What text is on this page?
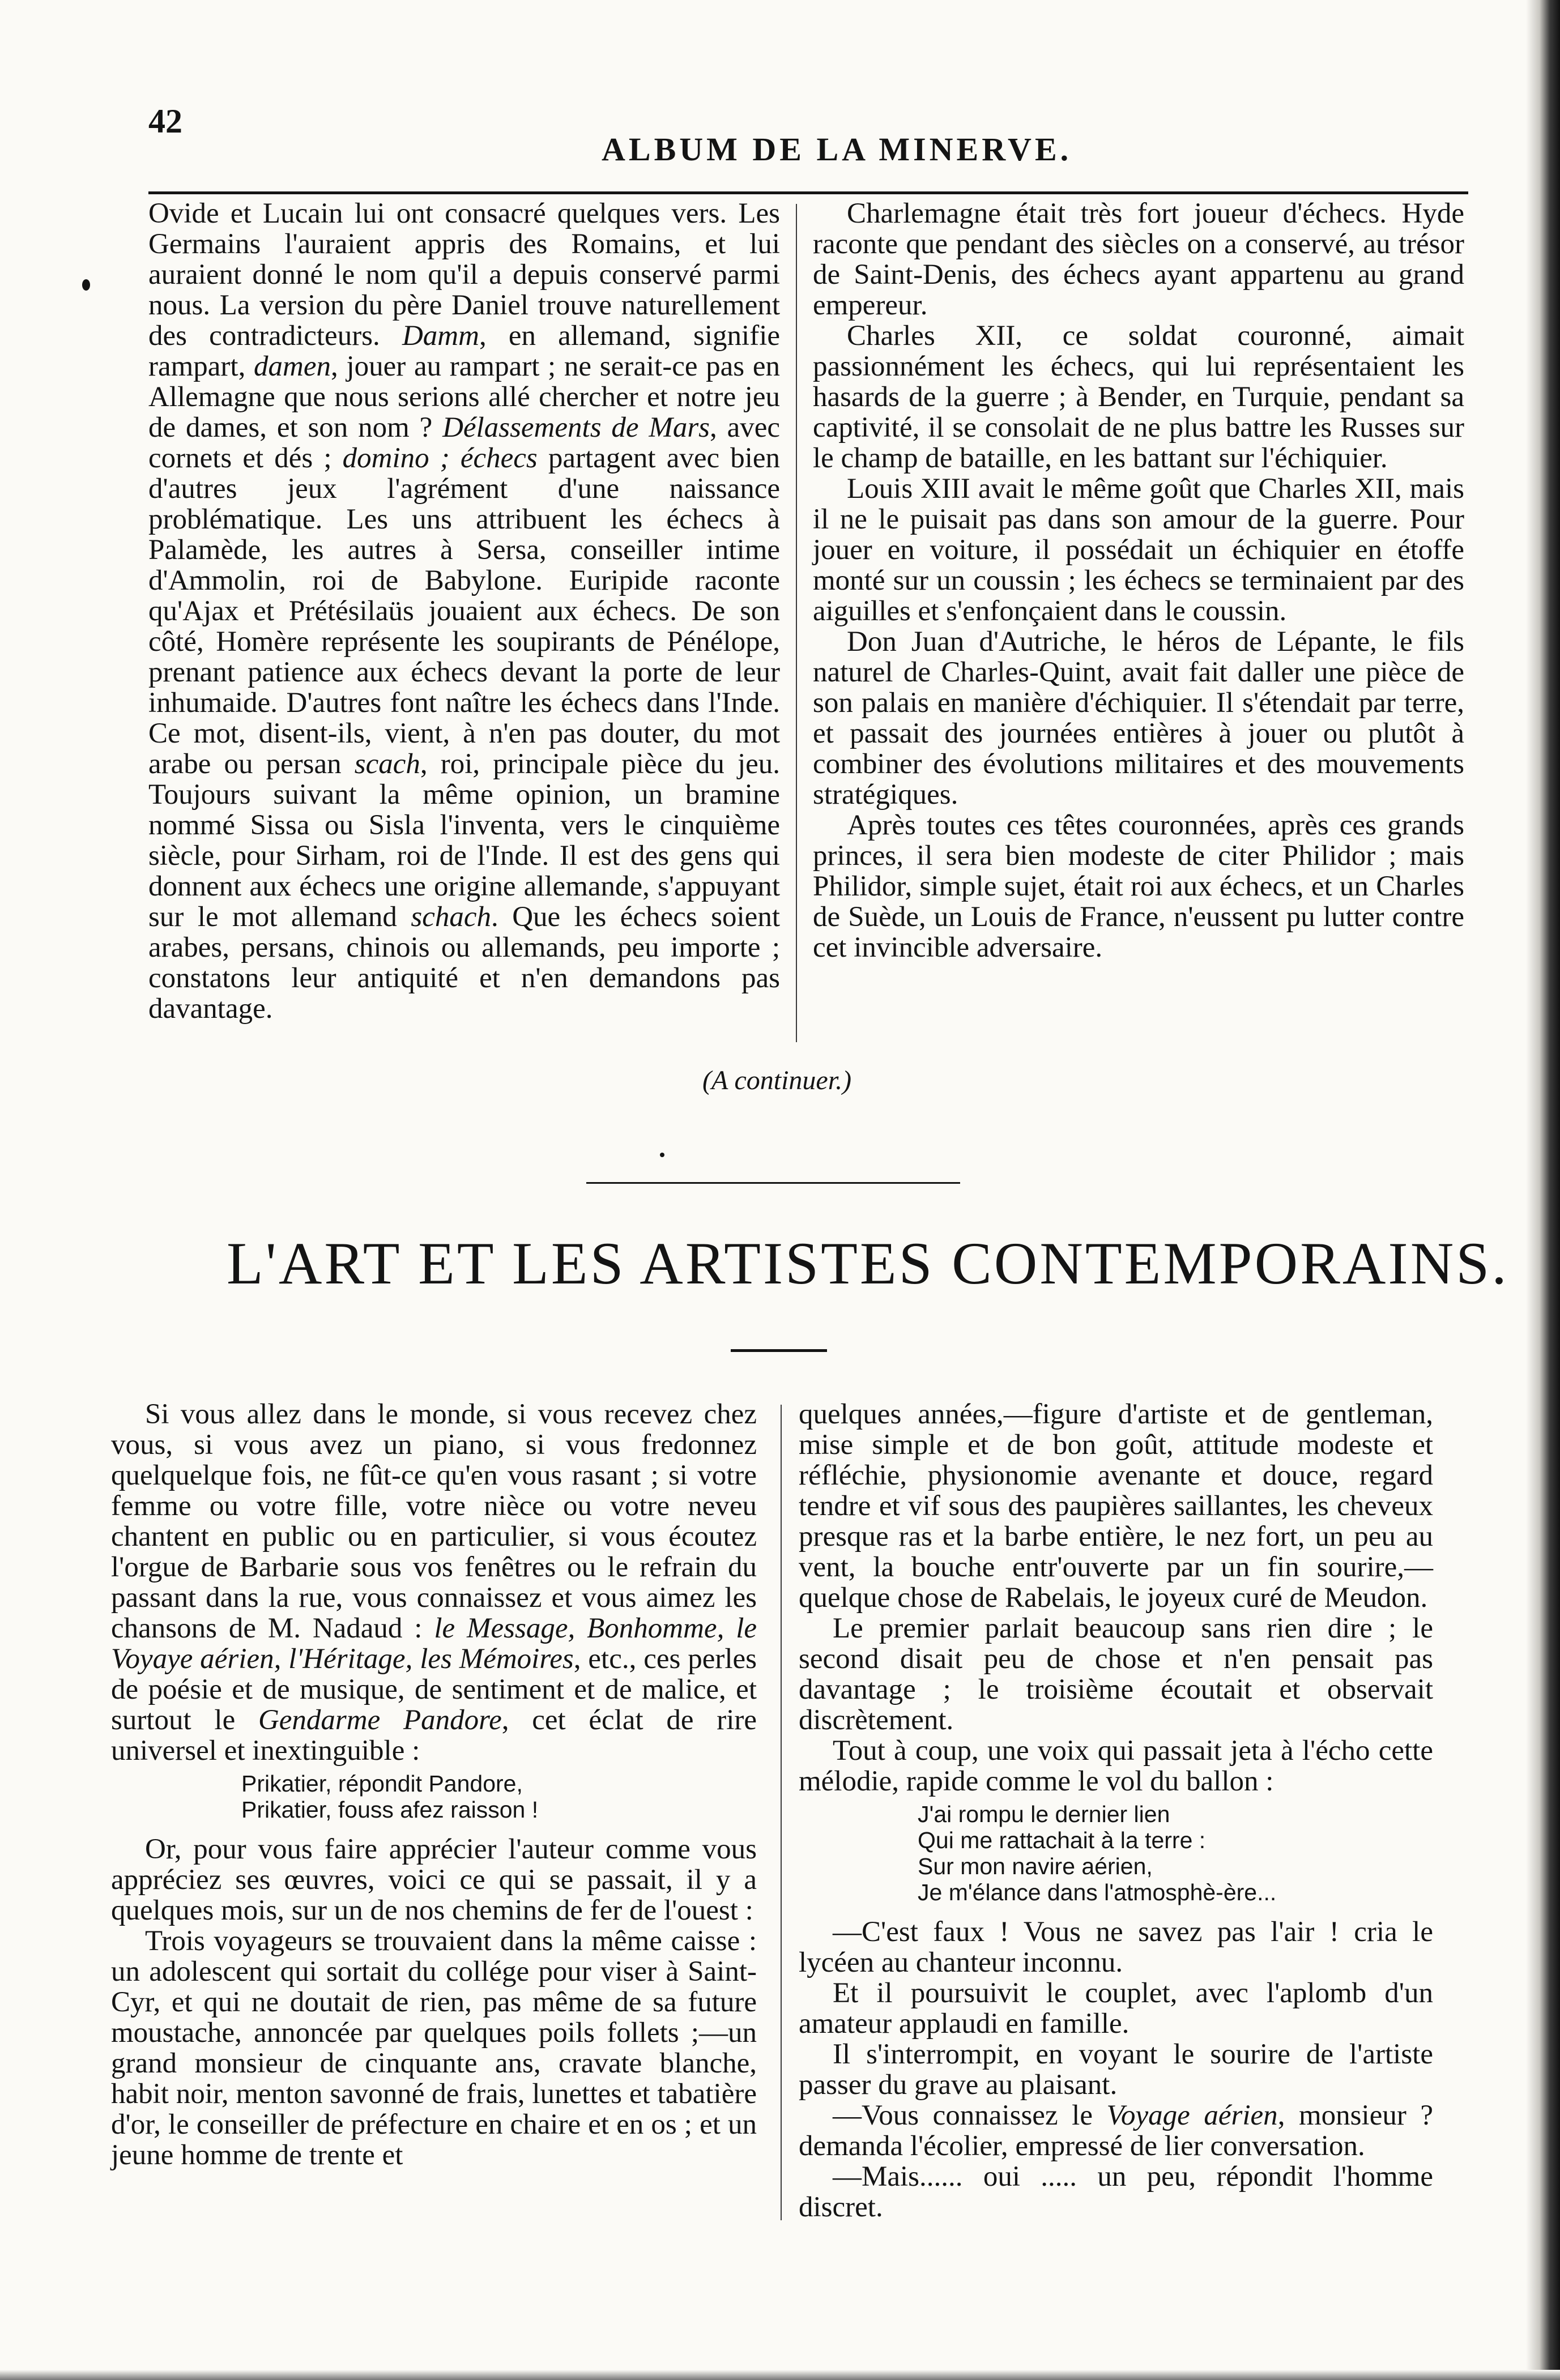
42
ALBUM DE LA MINERVE.

Ovide et Lucain lui ont consacré quelques vers. Les Germains l'auraient appris des Romains, et lui auraient donné le nom qu'il a depuis conservé parmi nous. La version du père Daniel trouve naturellement des contradicteurs. Damm, en allemand, signifie rampart, damen, jouer au rampart ; ne serait-ce pas en Allemagne que nous serions allé chercher et notre jeu de dames, et son nom ? Délassements de Mars, avec cornets et dés ; domino ; échecs partagent avec bien d'autres jeux l'agrément d'une naissance problématique. Les uns attribuent les échecs à Palamède, les autres à Sersa, conseiller intime d'Ammolin, roi de Babylone. Euripide raconte qu'Ajax et Prétésilaüs jouaient aux échecs. De son côté, Homère représente les soupirants de Pénélope, prenant patience aux échecs devant la porte de leur inhumaide. D'autres font naître les échecs dans l'Inde. Ce mot, disent-ils, vient, à n'en pas douter, du mot arabe ou persan scach, roi, principale pièce du jeu. Toujours suivant la même opinion, un bramine nommé Sissa ou Sisla l'inventa, vers le cinquième siècle, pour Sirham, roi de l'Inde. Il est des gens qui donnent aux échecs une origine allemande, s'appuyant sur le mot allemand schach. Que les échecs soient arabes, persans, chinois ou allemands, peu importe ; constatons leur antiquité et n'en demandons pas davantage.

Charlemagne était très fort joueur d'échecs. Hyde raconte que pendant des siècles on a conservé, au trésor de Saint-Denis, des échecs ayant appartenu au grand empereur.

Charles XII, ce soldat couronné, aimait passionnément les échecs, qui lui représentaient les hasards de la guerre ; à Bender, en Turquie, pendant sa captivité, il se consolait de ne plus battre les Russes sur le champ de bataille, en les battant sur l'échiquier.

Louis XIII avait le même goût que Charles XII, mais il ne le puisait pas dans son amour de la guerre. Pour jouer en voiture, il possédait un échiquier en étoffe monté sur un coussin ; les échecs se terminaient par des aiguilles et s'enfonçaient dans le coussin.

Don Juan d'Autriche, le héros de Lépante, le fils naturel de Charles-Quint, avait fait daller une pièce de son palais en manière d'échiquier. Il s'étendait par terre, et passait des journées entières à jouer ou plutôt à combiner des évolutions militaires et des mouvements stratégiques.

Après toutes ces têtes couronnées, après ces grands princes, il sera bien modeste de citer Philidor ; mais Philidor, simple sujet, était roi aux échecs, et un Charles de Suède, un Louis de France, n'eussent pu lutter contre cet invincible adversaire.

(A continuer.)
L'ART ET LES ARTISTES CONTEMPORAINS.

Si vous allez dans le monde, si vous recevez chez vous, si vous avez un piano, si vous fredonnez quelquelque fois, ne fût-ce qu'en vous rasant ; si votre femme ou votre fille, votre nièce ou votre neveu chantent en public ou en particulier, si vous écoutez l'orgue de Barbarie sous vos fenêtres ou le refrain du passant dans la rue, vous connaissez et vous aimez les chansons de M. Nadaud : le Message, Bonhomme, le Voyaye aérien, l'Héritage, les Mémoires, etc., ces perles de poésie et de musique, de sentiment et de malice, et surtout le Gendarme Pandore, cet éclat de rire universel et inextinguible :

Prikatier, répondit Pandore,
Prikatier, fouss afez raisson !

Or, pour vous faire apprécier l'auteur comme vous appréciez ses œuvres, voici ce qui se passait, il y a quelques mois, sur un de nos chemins de fer de l'ouest :

Trois voyageurs se trouvaient dans la même caisse : un adolescent qui sortait du collége pour viser à Saint-Cyr, et qui ne doutait de rien, pas même de sa future moustache, annoncée par quelques poils follets ;—un grand monsieur de cinquante ans, cravate blanche, habit noir, menton savonné de frais, lunettes et tabatière d'or, le conseiller de préfecture en chaire et en os ; et un jeune homme de trente et

quelques années,—figure d'artiste et de gentleman, mise simple et de bon goût, attitude modeste et réfléchie, physionomie avenante et douce, regard tendre et vif sous des paupières saillantes, les cheveux presque ras et la barbe entière, le nez fort, un peu au vent, la bouche entr'ouverte par un fin sourire,—quelque chose de Rabelais, le joyeux curé de Meudon.

Le premier parlait beaucoup sans rien dire ; le second disait peu de chose et n'en pensait pas davantage ; le troisième écoutait et observait discrètement.

Tout à coup, une voix qui passait jeta à l'écho cette mélodie, rapide comme le vol du ballon :

J'ai rompu le dernier lien
Qui me rattachait à la terre :
Sur mon navire aérien,
Je m'élance dans l'atmosphè-ère...

—C'est faux ! Vous ne savez pas l'air ! cria le lycéen au chanteur inconnu.

Et il poursuivit le couplet, avec l'aplomb d'un amateur applaudi en famille.

Il s'interrompit, en voyant le sourire de l'artiste passer du grave au plaisant.

—Vous connaissez le Voyage aérien, monsieur ? demanda l'écolier, empressé de lier conversation.

—Mais...... oui ..... un peu, répondit l'homme discret.
